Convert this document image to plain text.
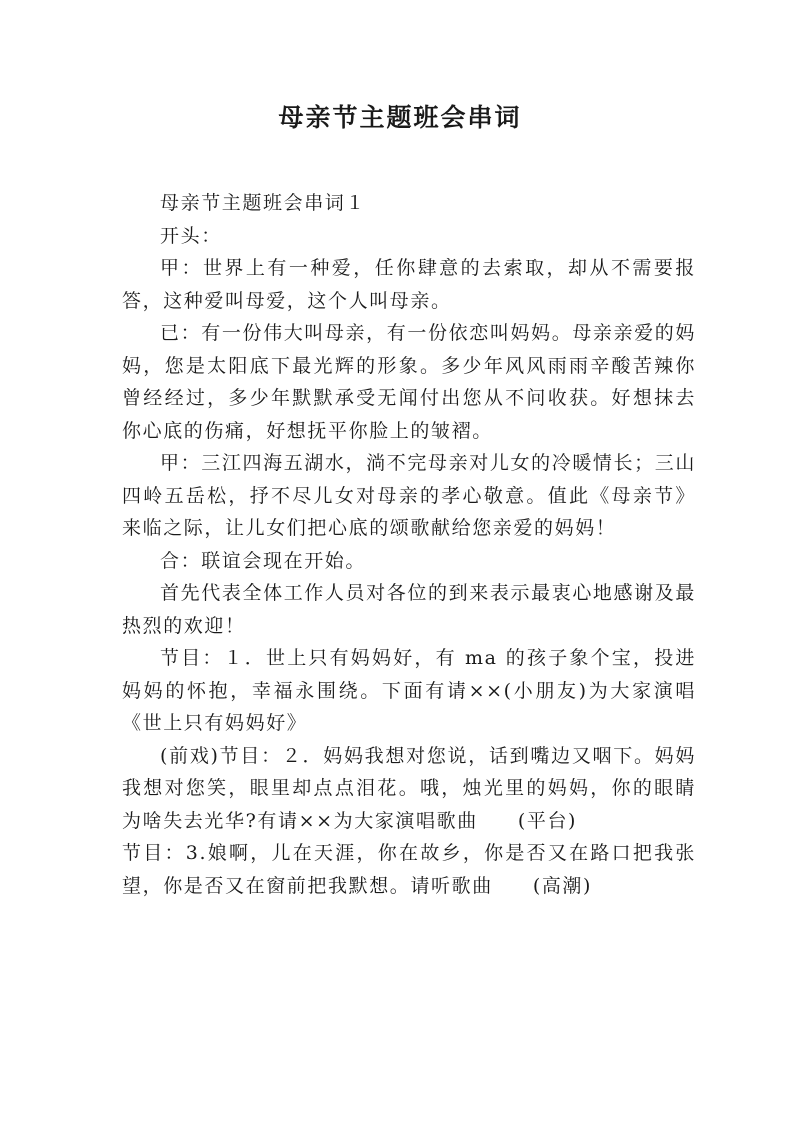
母亲节主题班会串词

母亲节主题班会串词１

开头：

甲：世界上有一种爱，任你肆意的去索取，却从不需要报答，这种爱叫母爱，这个人叫母亲。

已：有一份伟大叫母亲，有一份依恋叫妈妈。母亲亲爱的妈妈，您是太阳底下最光辉的形象。多少年风风雨雨辛酸苦辣你曾经经过，多少年默默承受无闻付出您从不问收获。好想抹去你心底的伤痛，好想抚平你脸上的皱褶。

甲：三江四海五湖水，淌不完母亲对儿女的冷暖情长；三山四岭五岳松，抒不尽儿女对母亲的孝心敬意。值此《母亲节》来临之际，让儿女们把心底的颂歌献给您亲爱的妈妈！

合：联谊会现在开始。

首先代表全体工作人员对各位的到来表示最衷心地感谢及最热烈的欢迎！

节目：１．世上只有妈妈好，有 ma 的孩子象个宝，投进妈妈的怀抱，幸福永围绕。下面有请××(小朋友)为大家演唱《世上只有妈妈好》

(前戏)节目：２．妈妈我想对您说，话到嘴边又咽下。妈妈我想对您笑，眼里却点点泪花。哦，烛光里的妈妈，你的眼睛为啥失去光华?有请××为大家演唱歌曲 (平台)

节目：3.娘啊，儿在天涯，你在故乡，你是否又在路口把我张望，你是否又在窗前把我默想。请听歌曲 (高潮)
